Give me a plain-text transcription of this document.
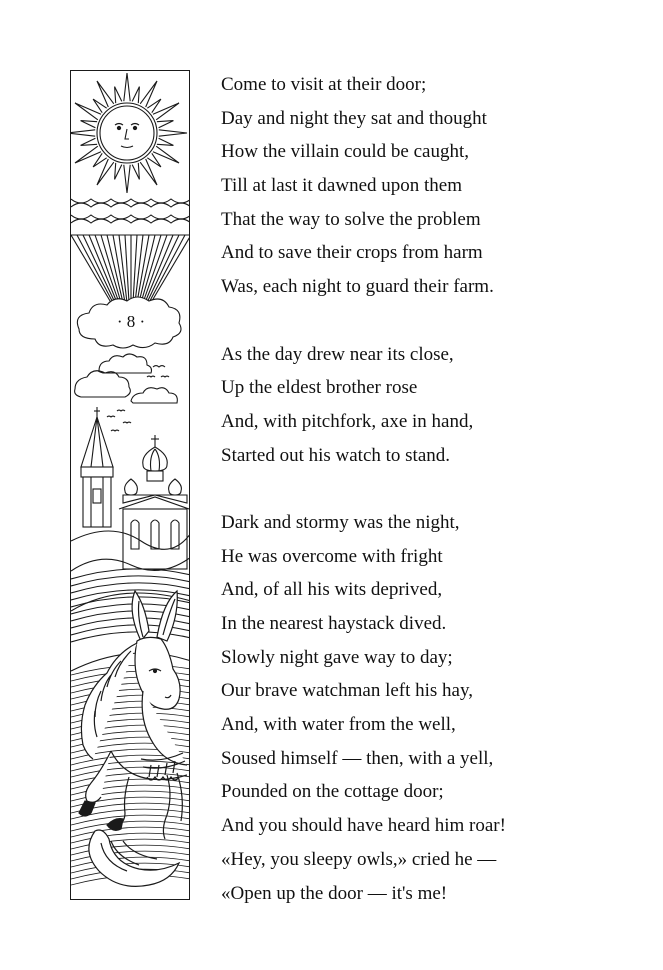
· 8 ·
Come to visit at their door;
Day and night they sat and thought
How the villain could be caught,
Till at last it dawned upon them
That the way to solve the problem
And to save their crops from harm
Was, each night to guard their farm.
As the day drew near its close,
Up the eldest brother rose
And, with pitchfork, axe in hand,
Started out his watch to stand.
Dark and stormy was the night,
He was overcome with fright
And, of all his wits deprived,
In the nearest haystack dived.
Slowly night gave way to day;
Our brave watchman left his hay,
And, with water from the well,
Soused himself — then, with a yell,
Pounded on the cottage door;
And you should have heard him roar!
«Hey, you sleepy owls,» cried he —
«Open up the door — it's me!
